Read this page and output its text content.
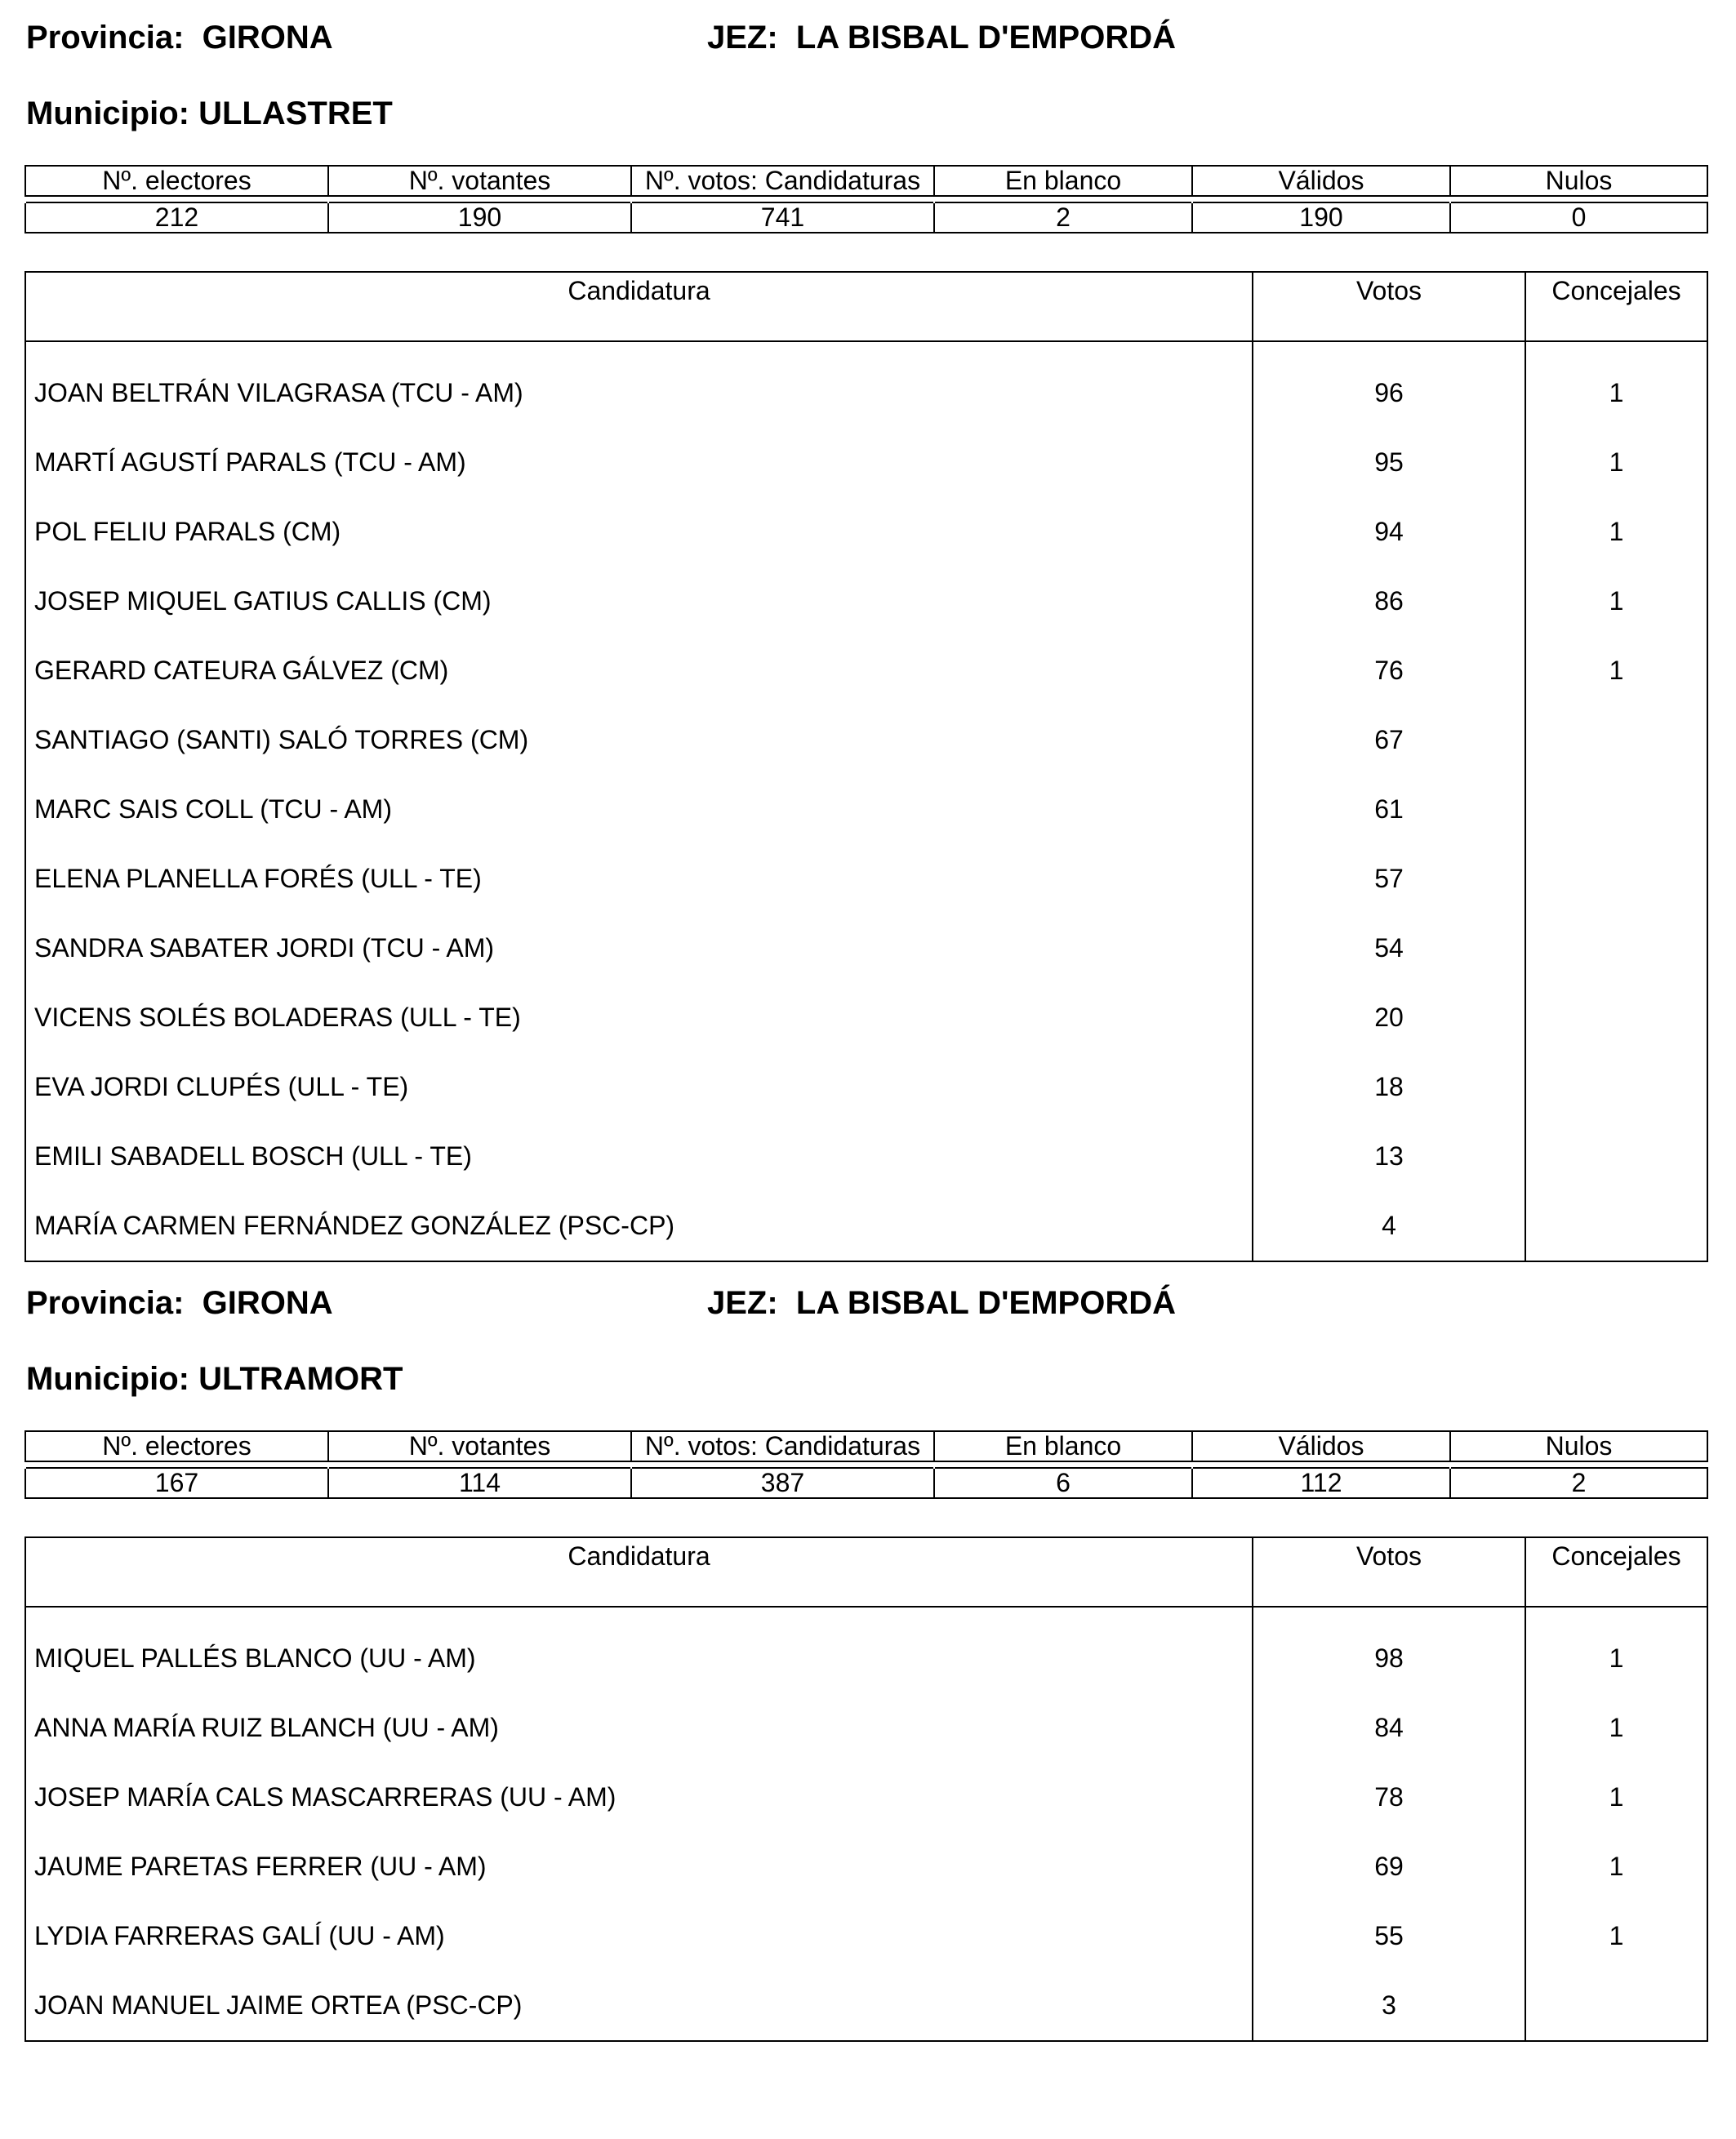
Provincia: GIRONA	JEZ: LA BISBAL D'EMPORDÁ
Municipio: ULLASTRET
Nº. electores	Nº. votantes	Nº. votos: Candidaturas	En blanco	Válidos	Nulos

212	190	741	2	190	0
Candidatura	Votos	Concejales

JOAN BELTRÁN VILAGRASA (TCU - AM)	96	1
MARTÍ AGUSTÍ PARALS (TCU - AM)	95	1
POL FELIU PARALS (CM)	94	1
JOSEP MIQUEL GATIUS CALLIS (CM)	86	1
GERARD CATEURA GÁLVEZ (CM)	76	1
SANTIAGO (SANTI) SALÓ TORRES (CM)	67	
MARC SAIS COLL (TCU - AM)	61	
ELENA PLANELLA FORÉS (ULL - TE)	57	
SANDRA SABATER JORDI (TCU - AM)	54	
VICENS SOLÉS BOLADERAS (ULL - TE)	20	
EVA JORDI CLUPÉS (ULL - TE)	18	
EMILI SABADELL BOSCH (ULL - TE)	13	
MARÍA CARMEN FERNÁNDEZ GONZÁLEZ (PSC-CP)	4	
Provincia: GIRONA	JEZ: LA BISBAL D'EMPORDÁ
Municipio: ULTRAMORT
Nº. electores	Nº. votantes	Nº. votos: Candidaturas	En blanco	Válidos	Nulos

167	114	387	6	112	2
Candidatura	Votos	Concejales

MIQUEL PALLÉS BLANCO (UU - AM)	98	1
ANNA MARÍA RUIZ BLANCH (UU - AM)	84	1
JOSEP MARÍA CALS MASCARRERAS (UU - AM)	78	1
JAUME PARETAS FERRER (UU - AM)	69	1
LYDIA FARRERAS GALÍ (UU - AM)	55	1
JOAN MANUEL JAIME ORTEA (PSC-CP)	3	
